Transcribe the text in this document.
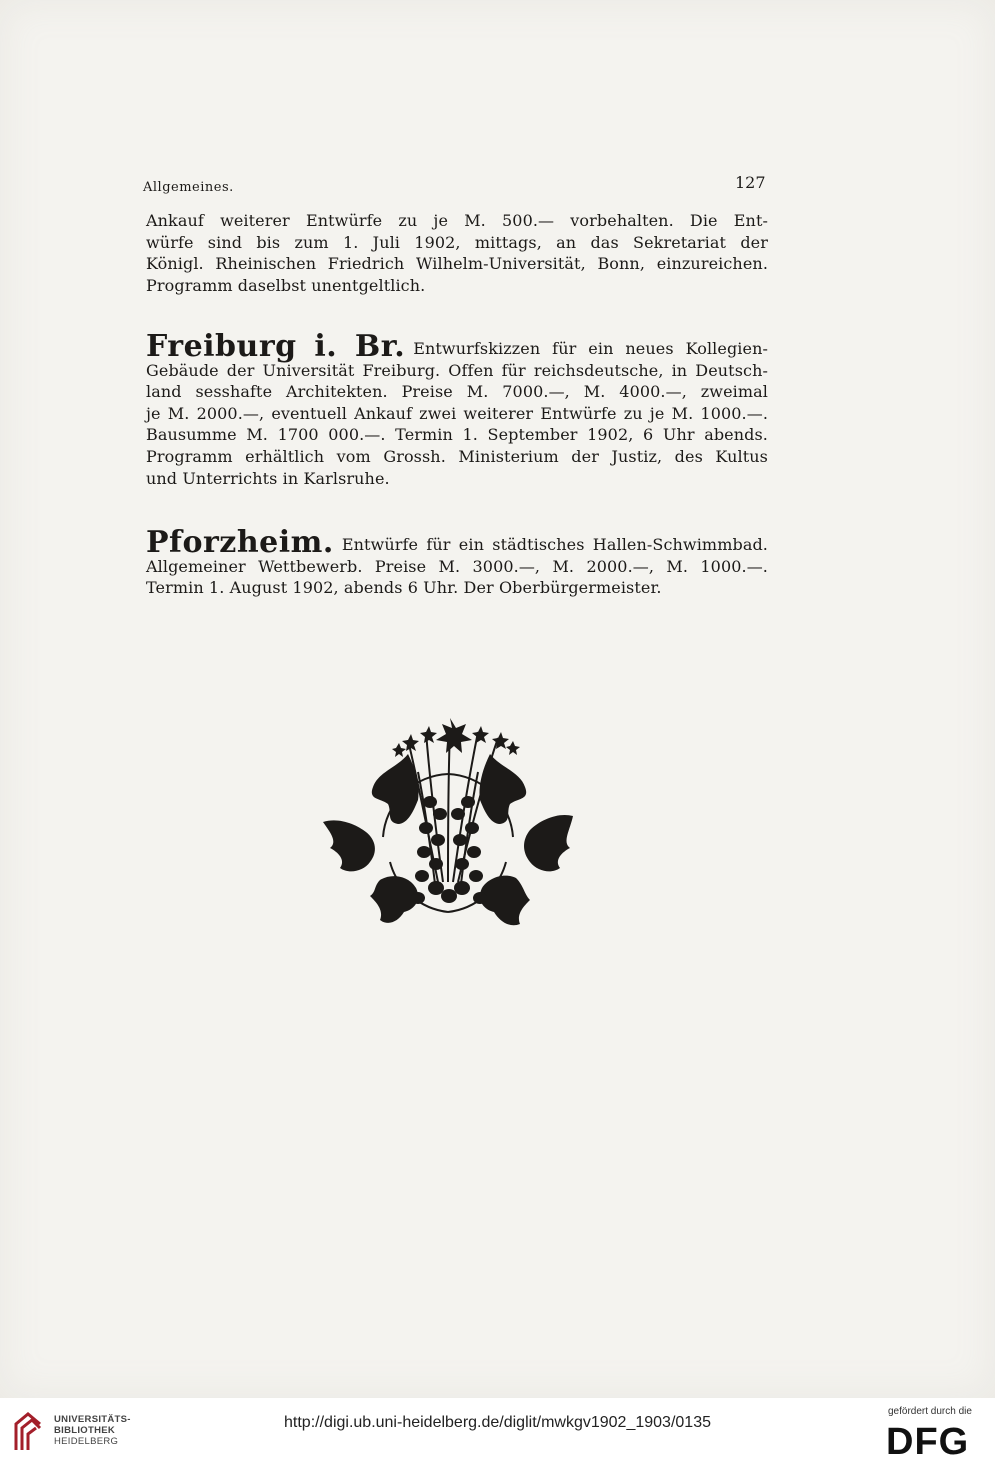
Allgemeines.	127
Ankauf weiterer Entwürfe zu je M. 500.— vorbehalten. Die Ent-
würfe sind bis zum 1. Juli 1902, mittags, an das Sekretariat der
Königl. Rheinischen Friedrich Wilhelm-Universität, Bonn, einzureichen.
Programm daselbst unentgeltlich.
Freiburg i. Br. Entwurfskizzen für ein neues Kollegien-
Gebäude der Universität Freiburg. Offen für reichsdeutsche, in Deutsch-
land sesshafte Architekten. Preise M. 7000.—, M. 4000.—, zweimal
je M. 2000.—, eventuell Ankauf zwei weiterer Entwürfe zu je M. 1000.—.
Bausumme M. 1700 000.—. Termin 1. September 1902, 6 Uhr abends.
Programm erhältlich vom Grossh. Ministerium der Justiz, des Kultus
und Unterrichts in Karlsruhe.
Pforzheim. Entwürfe für ein städtisches Hallen-Schwimmbad.
Allgemeiner Wettbewerb. Preise M. 3000.—, M. 2000.—, M. 1000.—.
Termin 1. August 1902, abends 6 Uhr. Der Oberbürgermeister.
UNIVERSITÄTS-
BIBLIOTHEK
HEIDELBERG
http://digi.ub.uni-heidelberg.de/diglit/mwkgv1902_1903/0135
gefördert durch die
DFG
